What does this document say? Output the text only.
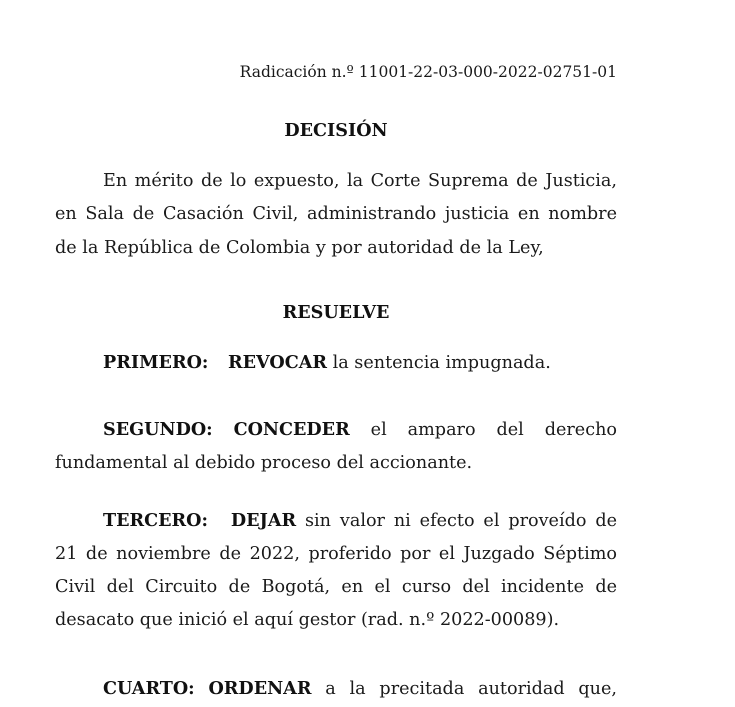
Radicación n.º 11001-22-03-000-2022-02751-01
DECISIÓN
En mérito de lo expuesto, la Corte Suprema de Justicia,
en Sala de Casación Civil, administrando justicia en nombre
de la República de Colombia y por autoridad de la Ley,
RESUELVE
PRIMERO: REVOCAR la sentencia impugnada.
SEGUNDO: CONCEDER el amparo del derecho
fundamental al debido proceso del accionante.
TERCERO: DEJAR sin valor ni efecto el proveído de
21 de noviembre de 2022, proferido por el Juzgado Séptimo
Civil del Circuito de Bogotá, en el curso del incidente de
desacato que inició el aquí gestor (rad. n.º 2022-00089).
CUARTO: ORDENAR a la precitada autoridad que,
